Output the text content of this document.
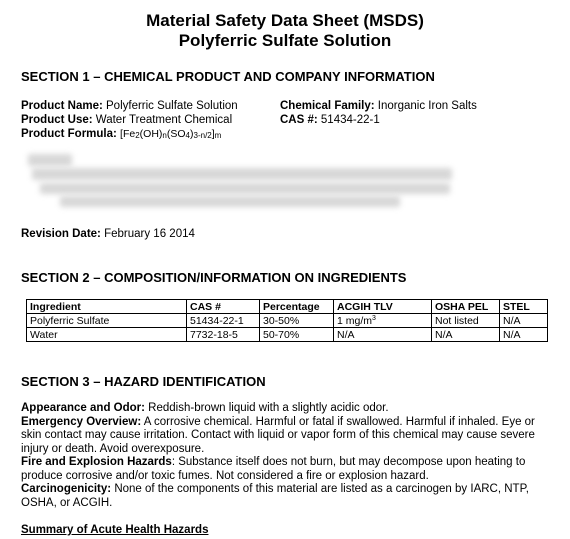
Material Safety Data Sheet (MSDS)
Polyferric Sulfate Solution
SECTION 1 – CHEMICAL PRODUCT AND COMPANY INFORMATION
Product Name: Polyferric Sulfate Solution	Chemical Family: Inorganic Iron Salts
Product Use: Water Treatment Chemical	CAS #: 51434-22-1
Product Formula: $[Fe_2(OH)_n(SO_4)_{3-n/2}]_m$
Revision Date: February 16 2014
SECTION 2 – COMPOSITION/INFORMATION ON INGREDIENTS
Ingredient	CAS #	Percentage	ACGIH TLV	OSHA PEL	STEL
Polyferric Sulfate	51434-22-1	30-50%	1 $mg/m^3$	Not listed	N/A
Water	7732-18-5	50-70%	N/A	N/A	N/A
SECTION 3 – HAZARD IDENTIFICATION

Appearance and Odor: Reddish-brown liquid with a slightly acidic odor.

Emergency Overview: A corrosive chemical. Harmful or fatal if swallowed. Harmful if inhaled. Eye or skin contact may cause irritation. Contact with liquid or vapor form of this chemical may cause severe injury or death. Avoid overexposure.

Fire and Explosion Hazards: Substance itself does not burn, but may decompose upon heating to produce corrosive and/or toxic fumes. Not considered a fire or explosion hazard.

Carcinogenicity: None of the components of this material are listed as a carcinogen by IARC, NTP, OSHA, or ACGIH.

Summary of Acute Health Hazards
